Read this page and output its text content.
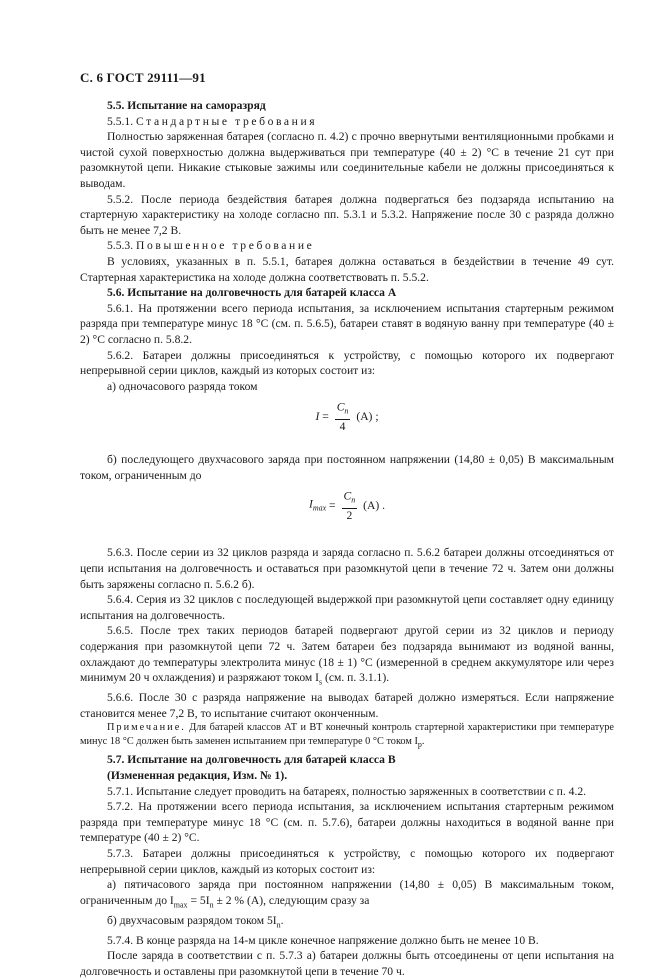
С. 6 ГОСТ 29111—91

5.5. Испытание на саморазряд

5.5.1. Стандартные требования

Полностью заряженная батарея (согласно п. 4.2) с прочно ввернутыми вентиляционными пробками и чистой сухой поверхностью должна выдерживаться при температуре (40 ± 2) °С в течение 21 сут при разомкнутой цепи. Никакие стыковые зажимы или соединительные кабели не должны присоединяться к выводам.

5.5.2. После периода бездействия батарея должна подвергаться без подзаряда испытанию на стартерную характеристику на холоде согласно пп. 5.3.1 и 5.3.2. Напряжение после 30 с разряда должно быть не менее 7,2 В.

5.5.3. Повышенное требование

В условиях, указанных в п. 5.5.1, батарея должна оставаться в бездействии в течение 49 сут. Стартерная характеристика на холоде должна соответствовать п. 5.5.2.

5.6. Испытание на долговечность для батарей класса А

5.6.1. На протяжении всего периода испытания, за исключением испытания стартерным режимом разряда при температуре минус 18 °С (см. п. 5.6.5), батареи ставят в водяную ванну при температуре (40 ± 2) °С согласно п. 5.8.2.

5.6.2. Батареи должны присоединяться к устройству, с помощью которого их подвергают непрерывной серии циклов, каждый из которых состоит из:

а) одночасового разряда током

$I = \frac{C_n}{4} (А)$ ;

б) последующего двухчасового заряда при постоянном напряжении (14,80 ± 0,05) В максимальным током, ограниченным до

$I_{max} = \frac{C_n}{2} (А)$ .

5.6.3. После серии из 32 циклов разряда и заряда согласно п. 5.6.2 батареи должны отсоединяться от цепи испытания на долговечность и оставаться при разомкнутой цепи в течение 72 ч. Затем они должны быть заряжены согласно п. 5.6.2 б).

5.6.4. Серия из 32 циклов с последующей выдержкой при разомкнутой цепи составляет одну единицу испытания на долговечность.

5.6.5. После трех таких периодов батарей подвергают другой серии из 32 циклов и периоду содержания при разомкнутой цепи 72 ч. Затем батареи без подзаряда вынимают из водяной ванны, охлаждают до температуры электролита минус (18 ± 1) °С (измеренной в среднем аккумуляторе или через минимум 20 ч охлаждения) и разряжают током $I_s$ (см. п. 3.1.1).

5.6.6. После 30 с разряда напряжение на выводах батарей должно измеряться. Если напряжение становится менее 7,2 В, то испытание считают оконченным.

Примечание. Для батарей классов АТ и ВТ конечный контроль стартерной характеристики при температуре минус 18 °С должен быть заменен испытанием при температуре 0 °С током $I_p$.

5.7. Испытание на долговечность для батарей класса В

(Измененная редакция, Изм. № 1).

5.7.1. Испытание следует проводить на батареях, полностью заряженных в соответствии с п. 4.2.

5.7.2. На протяжении всего периода испытания, за исключением испытания стартерным режимом разряда при температуре минус 18 °С (см. п. 5.7.6), батареи должны находиться в водяной ванне при температуре (40 ± 2) °С.

5.7.3. Батареи должны присоединяться к устройству, с помощью которого их подвергают непрерывной серии циклов, каждый из которых состоит из:

а) пятичасового заряда при постоянном напряжении (14,80 ± 0,05) В максимальным током, ограниченным до $I_{max} = 5I_n \pm 2$ % (А), следующим сразу за

б) двухчасовым разрядом током $5I_n$.

5.7.4. В конце разряда на 14-м цикле конечное напряжение должно быть не менее 10 В.

После заряда в соответствии с п. 5.7.3 а) батареи должны быть отсоединены от цепи испытания на долговечность и оставлены при разомкнутой цепи в течение 70 ч.
